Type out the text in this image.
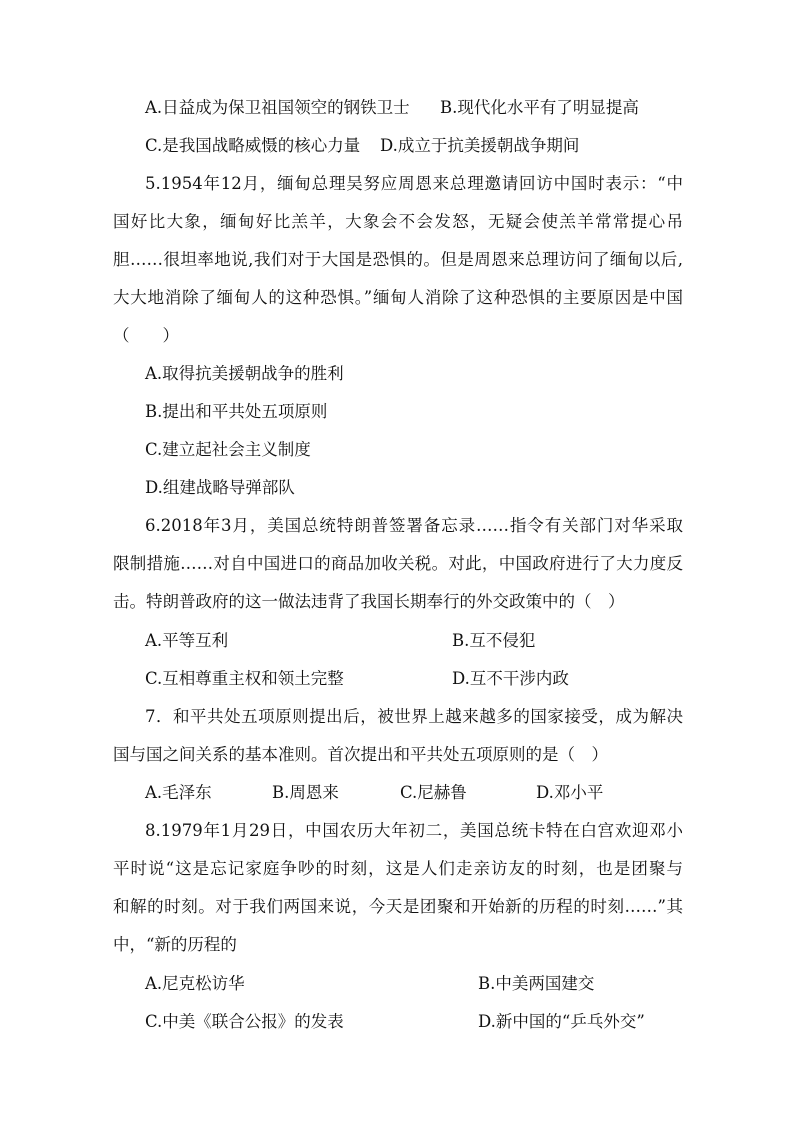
A.日益成为保卫祖国领空的钢铁卫士 B.现代化水平有了明显提高
C.是我国战略威慑的核心力量 D.成立于抗美援朝战争期间
5.1954年12月，缅甸总理吴努应周恩来总理邀请回访中国时表示：“中
国好比大象，缅甸好比羔羊，大象会不会发怒，无疑会使羔羊常常提心吊
胆……很坦率地说,我们对于大国是恐惧的。但是周恩来总理访问了缅甸以后,
大大地消除了缅甸人的这种恐惧。”缅甸人消除了这种恐惧的主要原因是中国
（　　）
A.取得抗美援朝战争的胜利
B.提出和平共处五项原则
C.建立起社会主义制度
D.组建战略导弹部队
6.2018年3月，美国总统特朗普签署备忘录……指令有关部门对华采取
限制措施……对自中国进口的商品加收关税。对此，中国政府进行了大力度反
击。特朗普政府的这一做法违背了我国长期奉行的外交政策中的（　）
A.平等互利	B.互不侵犯
C.互相尊重主权和领土完整	D.互不干涉内政
7．和平共处五项原则提出后，被世界上越来越多的国家接受，成为解决
国与国之间关系的基本准则。首次提出和平共处五项原则的是（　）
A.毛泽东	B.周恩来	C.尼赫鲁	D.邓小平
8.1979年1月29日，中国农历大年初二，美国总统卡特在白宫欢迎邓小
平时说“这是忘记家庭争吵的时刻，这是人们走亲访友的时刻，也是团聚与
和解的时刻。对于我们两国来说，今天是团聚和开始新的历程的时刻……”其
中，“新的历程的
A.尼克松访华	B.中美两国建交
C.中美《联合公报》的发表	D.新中国的“乒乓外交”
